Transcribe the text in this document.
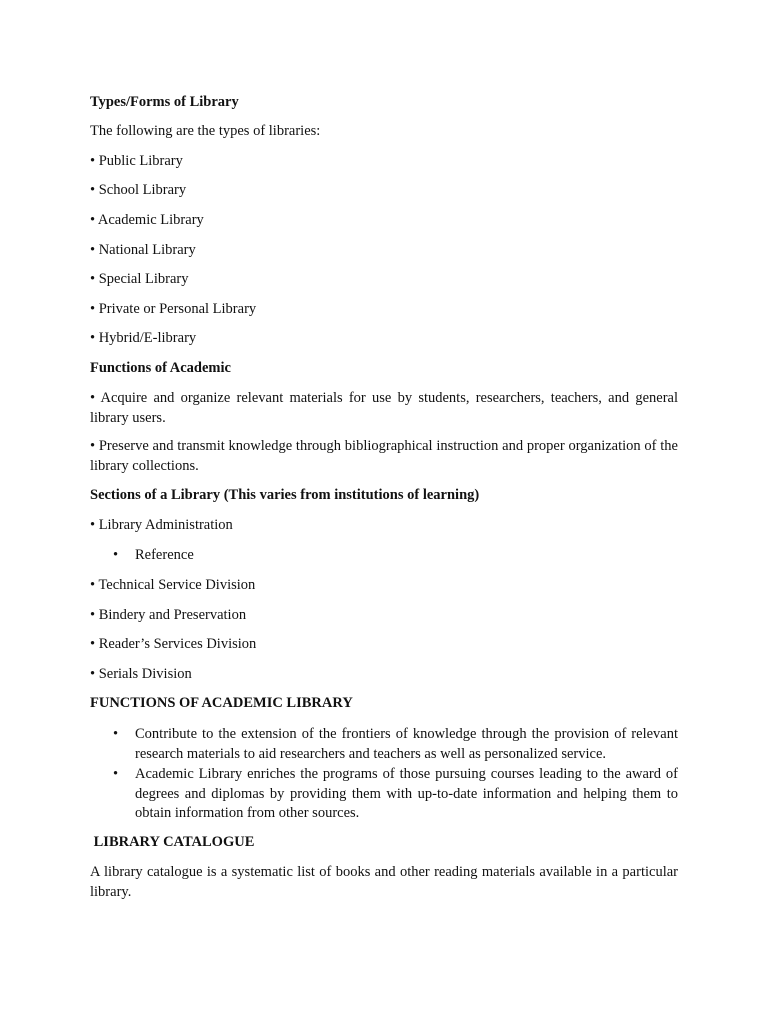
Types/Forms of Library

The following are the types of libraries:

• Public Library

• School Library

• Academic Library

• National Library

• Special Library

• Private or Personal Library

• Hybrid/E-library

Functions of Academic

• Acquire and organize relevant materials for use by students, researchers, teachers, and general library users.

• Preserve and transmit knowledge through bibliographical instruction and proper organization of the library collections.

Sections of a Library (This varies from institutions of learning)

• Library Administration

• Reference

• Technical Service Division

• Bindery and Preservation

• Reader’s Services Division

• Serials Division

FUNCTIONS OF ACADEMIC LIBRARY

• Contribute to the extension of the frontiers of knowledge through the provision of relevant research materials to aid researchers and teachers as well as personalized service.

• Academic Library enriches the programs of those pursuing courses leading to the award of degrees and diplomas by providing them with up-to-date information and helping them to obtain information from other sources.

LIBRARY CATALOGUE

A library catalogue is a systematic list of books and other reading materials available in a particular library.
